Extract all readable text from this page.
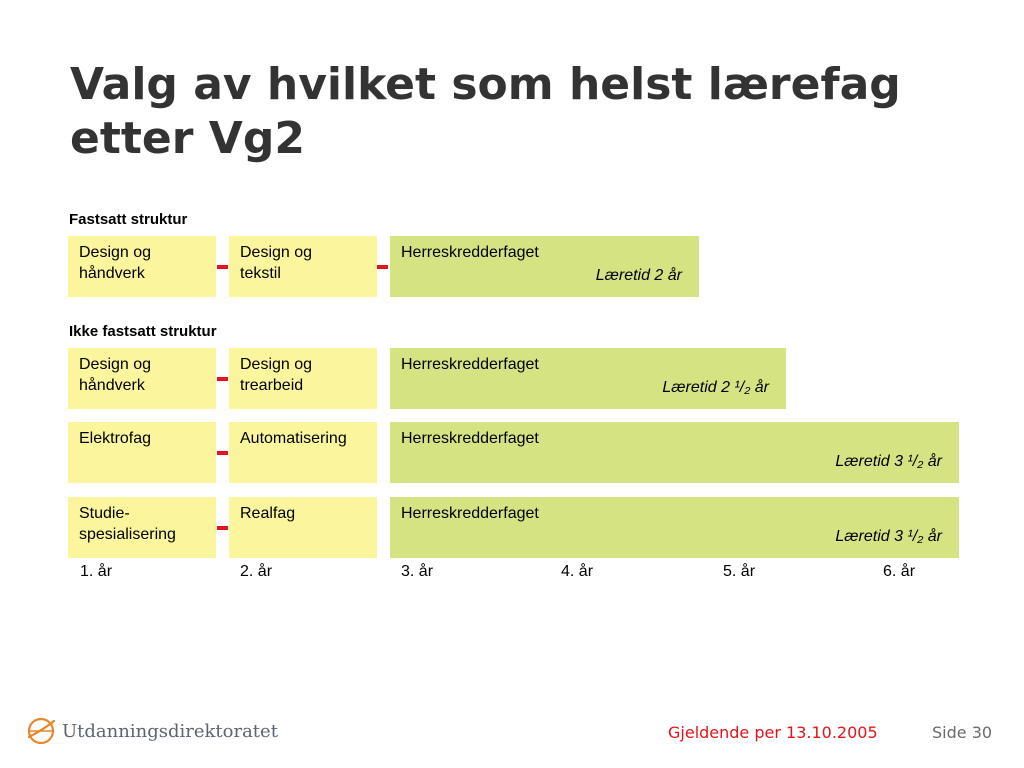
Valg av hvilket som helst lærefag
etter Vg2
Fastsatt struktur
Design og
håndverk
Design og
tekstil
Herreskredderfaget
Læretid 2 år
Ikke fastsatt struktur
Design og
håndverk
Design og
trearbeid
Herreskredderfaget
Læretid 2 ¹/₂ år
Elektrofag	Automatisering	Herreskredderfaget
Læretid 3 ¹/₂ år
Studie-
spesialisering
Realfag	Herreskredderfaget
Læretid 3 ¹/₂ år
1. år	2. år	3. år	4. år	5. år	6. år
Utdanningsdirektoratet	Gjeldende per 13.10.2005	Side 30
